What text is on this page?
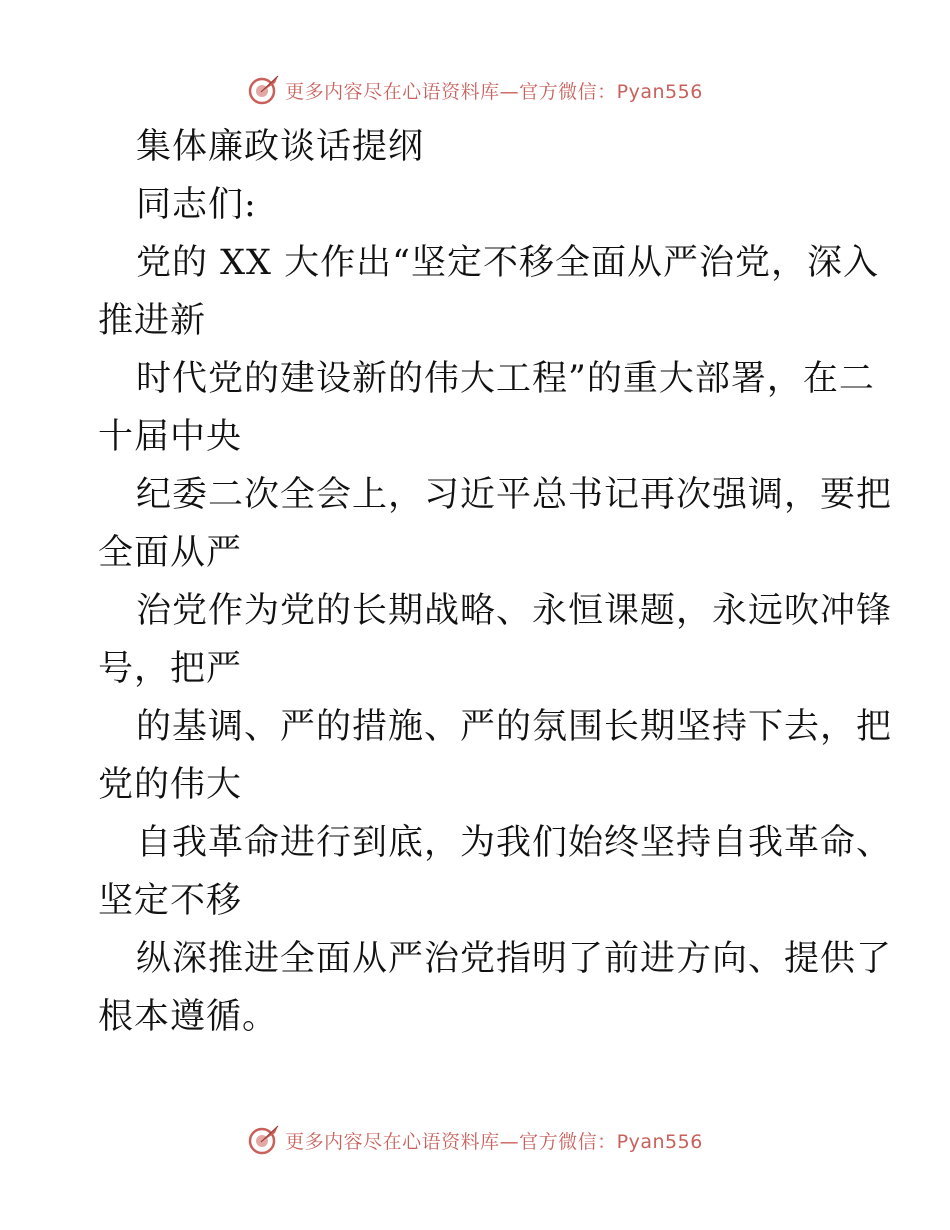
更多内容尽在心语资料库—官方微信：Pyan556
集体廉政谈话提纲
同志们:
党的 XX 大作出“坚定不移全面从严治党，深入
推进新
时代党的建设新的伟大工程”的重大部署，在二
十届中央
纪委二次全会上，习近平总书记再次强调，要把
全面从严
治党作为党的长期战略、永恒课题，永远吹冲锋
号，把严
的基调、严的措施、严的氛围长期坚持下去，把
党的伟大
自我革命进行到底，为我们始终坚持自我革命、
坚定不移
纵深推进全面从严治党指明了前进方向、提供了
根本遵循。
更多内容尽在心语资料库—官方微信：Pyan556
